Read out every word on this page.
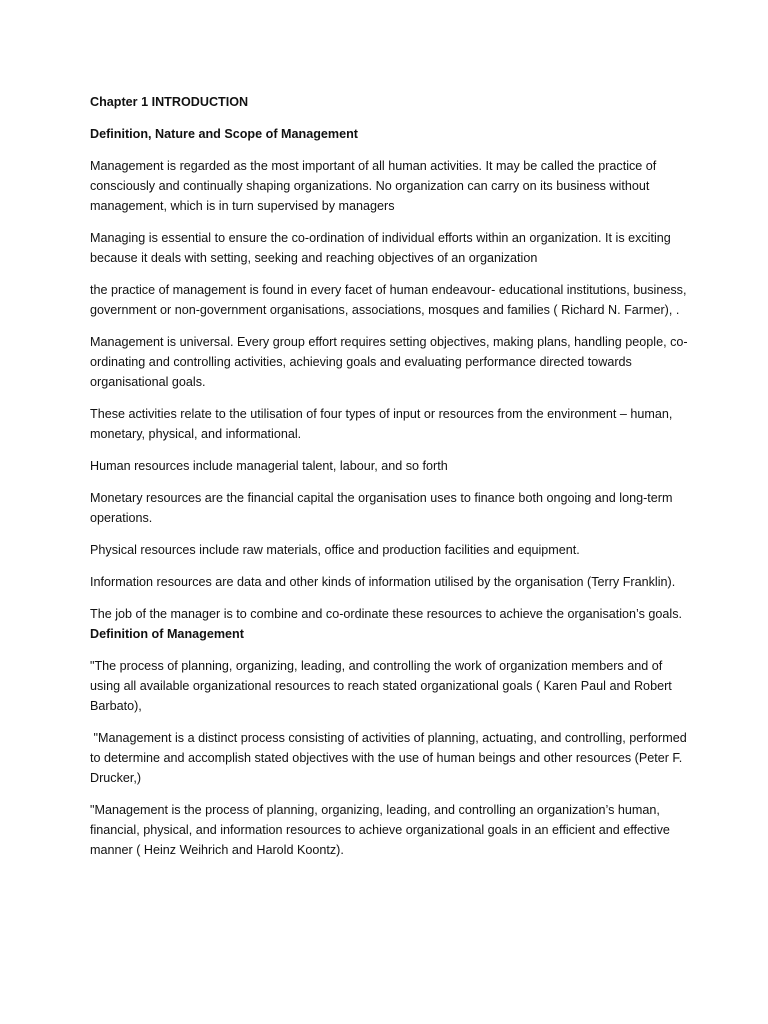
Chapter 1 INTRODUCTION
Definition, Nature and Scope of Management

Management is regarded as the most important of all human activities. It may be called the practice of consciously and continually shaping organizations. No organization can carry on its business without management, which is in turn supervised by managers

Managing is essential to ensure the co-ordination of individual efforts within an organization. It is exciting because it deals with setting, seeking and reaching objectives of an organization

the practice of management is found in every facet of human endeavour- educational institutions, business, government or non-government organisations, associations, mosques and families ( Richard N. Farmer), .

Management is universal. Every group effort requires setting objectives, making plans, handling people, co-ordinating and controlling activities, achieving goals and evaluating performance directed towards organisational goals.

These activities relate to the utilisation of four types of input or resources from the environment – human, monetary, physical, and informational.

Human resources include managerial talent, labour, and so forth

Monetary resources are the financial capital the organisation uses to finance both ongoing and long-term operations.

Physical resources include raw materials, office and production facilities and equipment.

Information resources are data and other kinds of information utilised by the organisation (Terry Franklin).

The job of the manager is to combine and co-ordinate these resources to achieve the organisation’s goals.

Definition of Management

"The process of planning, organizing, leading, and controlling the work of organization members and of using all available organizational resources to reach stated organizational goals ( Karen Paul and Robert Barbato),

"Management is a distinct process consisting of activities of planning, actuating, and controlling, performed to determine and accomplish stated objectives with the use of human beings and other resources (Peter F. Drucker,)

"Management is the process of planning, organizing, leading, and controlling an organization’s human, financial, physical, and information resources to achieve organizational goals in an efficient and effective manner ( Heinz Weihrich and Harold Koontz).
